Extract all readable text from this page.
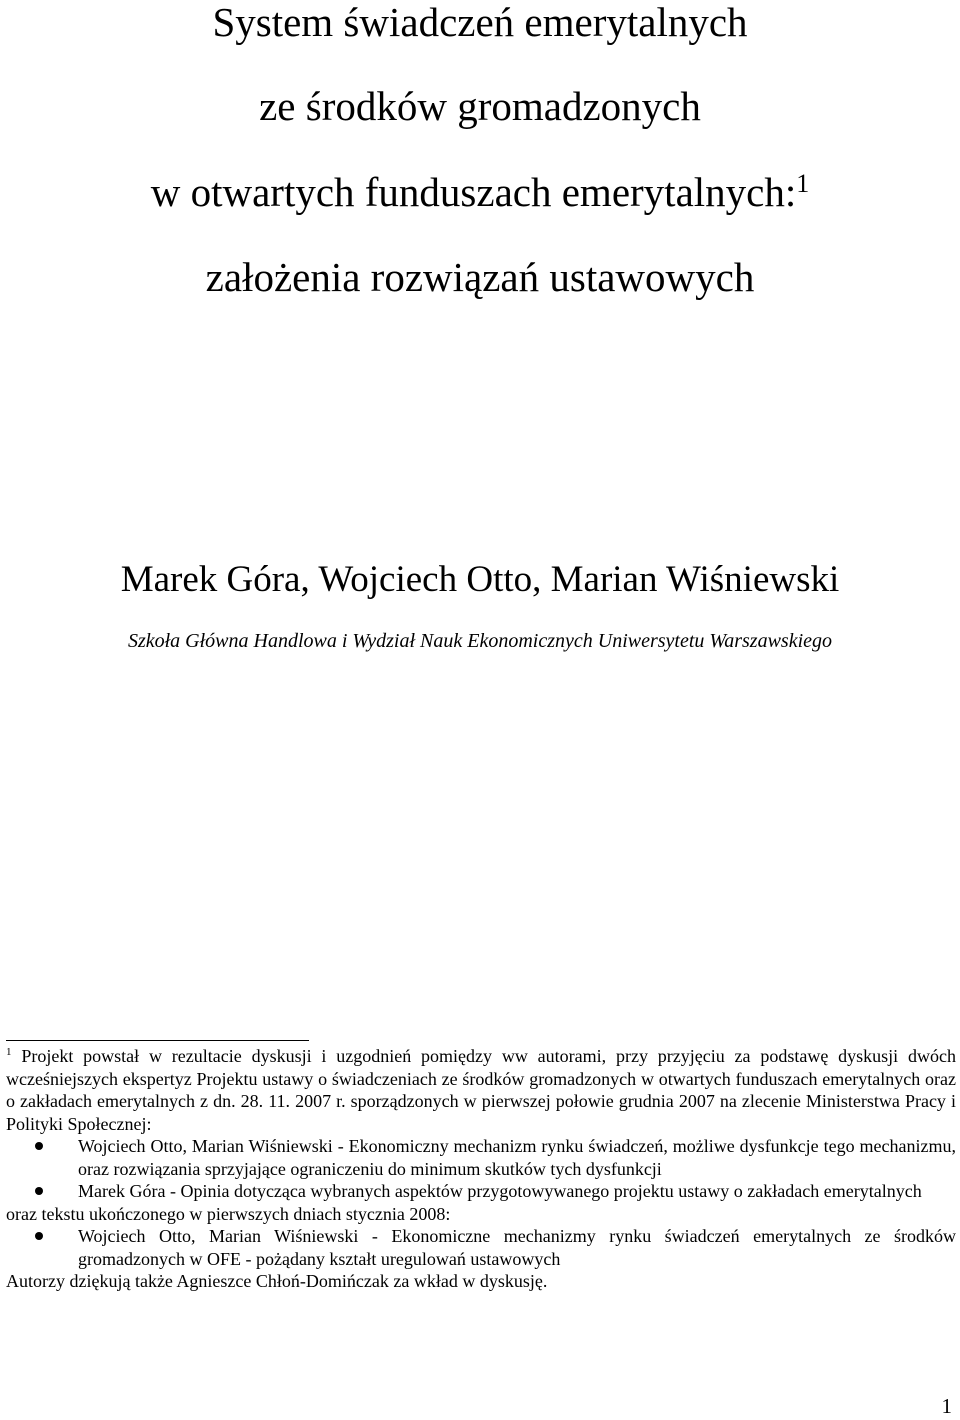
System świadczeń emerytalnych
ze środków gromadzonych
w otwartych funduszach emerytalnych:$^1$
założenia rozwiązań ustawowych
Marek Góra, Wojciech Otto, Marian Wiśniewski
Szkoła Główna Handlowa i Wydział Nauk Ekonomicznych Uniwersytetu Warszawskiego

$^1$ Projekt powstał w rezultacie dyskusji i uzgodnień pomiędzy ww autorami, przy przyjęciu za podstawę dyskusji dwóch wcześniejszych ekspertyz Projektu ustawy o świadczeniach ze środków gromadzonych w otwartych funduszach emerytalnych oraz o zakładach emerytalnych z dn. 28. 11. 2007 r. sporządzonych w pierwszej połowie grudnia 2007 na zlecenie Ministerstwa Pracy i Polityki Społecznej:

Wojciech Otto, Marian Wiśniewski - Ekonomiczny mechanizm rynku świadczeń, możliwe dysfunkcje tego mechanizmu, oraz rozwiązania sprzyjające ograniczeniu do minimum skutków tych dysfunkcji
Marek Góra - Opinia dotycząca wybranych aspektów przygotowywanego projektu ustawy o zakładach emerytalnych

oraz tekstu ukończonego w pierwszych dniach stycznia 2008:

Wojciech Otto, Marian Wiśniewski - Ekonomiczne mechanizmy rynku świadczeń emerytalnych ze środków gromadzonych w OFE - pożądany kształt uregulowań ustawowych

Autorzy dziękują także Agnieszce Chłoń-Domińczak za wkład w dyskusję.

1
